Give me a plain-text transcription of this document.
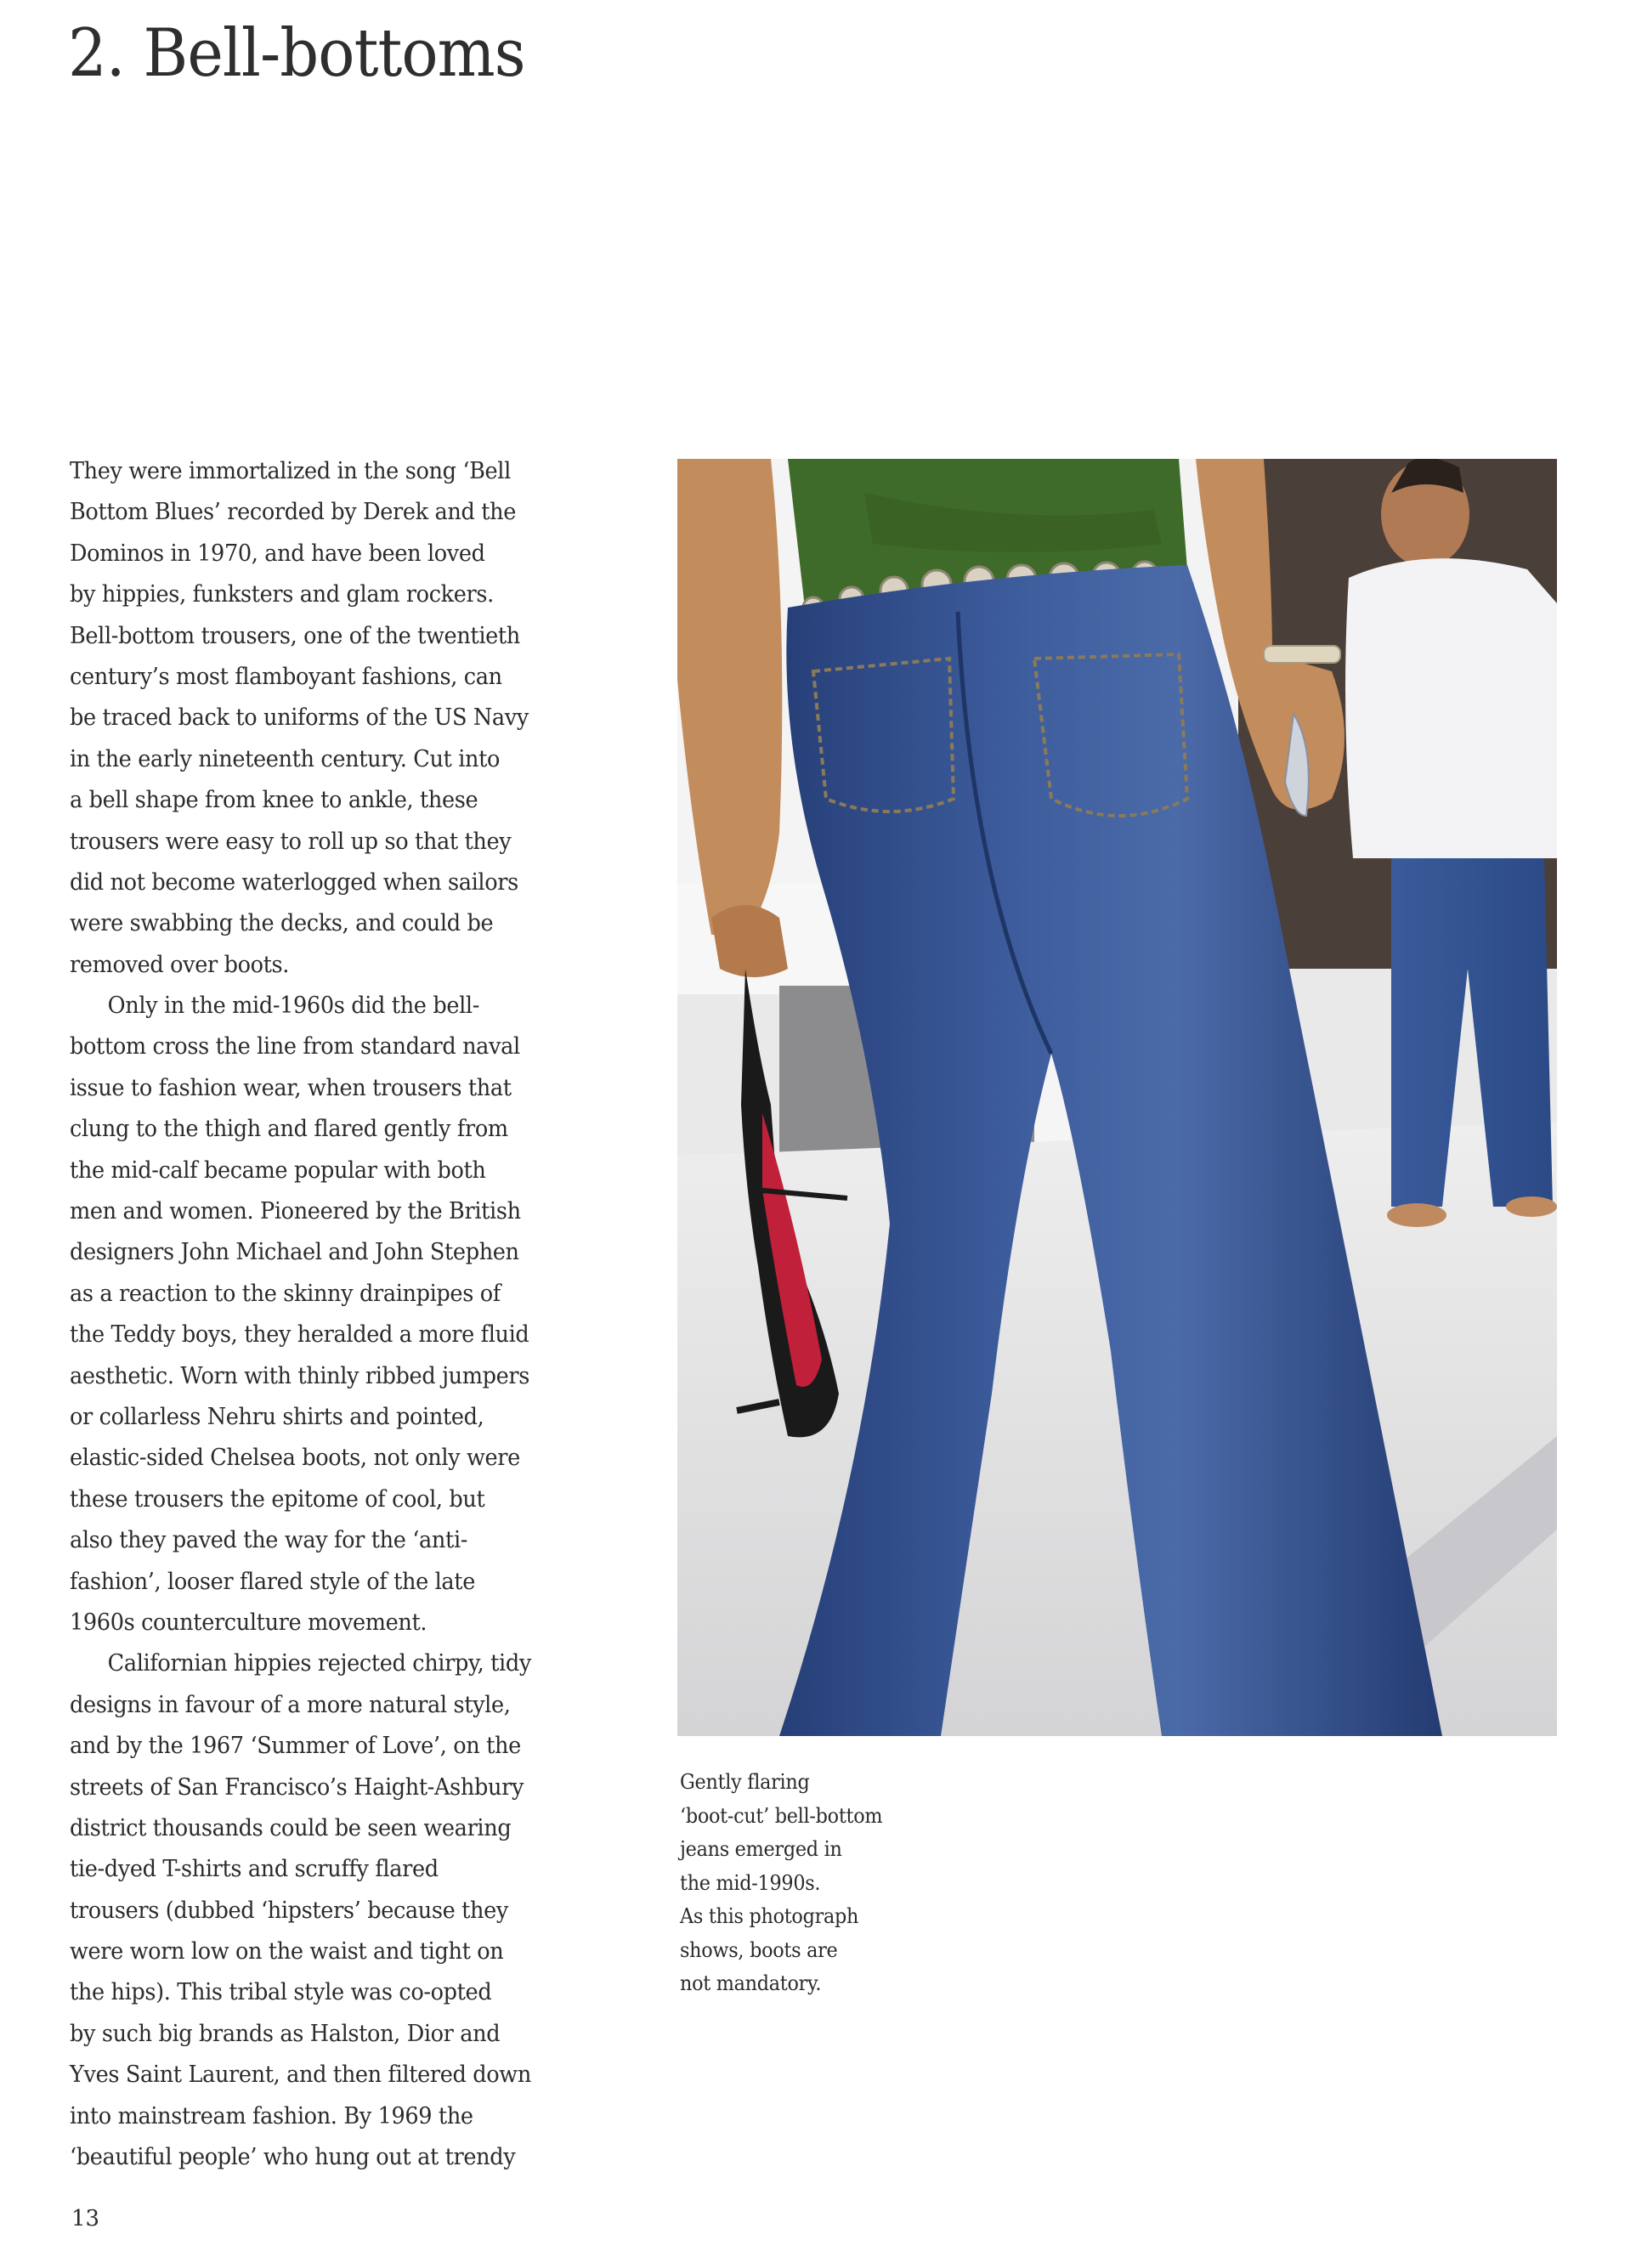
2. Bell-bottoms
They were immortalized in the song ‘Bell
Bottom Blues’ recorded by Derek and the
Dominos in 1970, and have been loved
by hippies, funksters and glam rockers.
Bell-bottom trousers, one of the twentieth
century’s most flamboyant fashions, can
be traced back to uniforms of the US Navy
in the early nineteenth century. Cut into
a bell shape from knee to ankle, these
trousers were easy to roll up so that they
did not become waterlogged when sailors
were swabbing the decks, and could be
removed over boots.
Only in the mid-1960s did the bell-
bottom cross the line from standard naval
issue to fashion wear, when trousers that
clung to the thigh and flared gently from
the mid-calf became popular with both
men and women. Pioneered by the British
designers John Michael and John Stephen
as a reaction to the skinny drainpipes of
the Teddy boys, they heralded a more fluid
aesthetic. Worn with thinly ribbed jumpers
or collarless Nehru shirts and pointed,
elastic-sided Chelsea boots, not only were
these trousers the epitome of cool, but
also they paved the way for the ‘anti-
fashion’, looser flared style of the late
1960s counterculture movement.
Californian hippies rejected chirpy, tidy
designs in favour of a more natural style,
and by the 1967 ‘Summer of Love’, on the
streets of San Francisco’s Haight-Ashbury
district thousands could be seen wearing
tie-dyed T-shirts and scruffy flared
trousers (dubbed ‘hipsters’ because they
were worn low on the waist and tight on
the hips). This tribal style was co-opted
by such big brands as Halston, Dior and
Yves Saint Laurent, and then filtered down
into mainstream fashion. By 1969 the
‘beautiful people’ who hung out at trendy
Gently flaring
‘boot-cut’ bell-bottom
jeans emerged in
the mid-1990s.
As this photograph
shows, boots are
not mandatory.
13
